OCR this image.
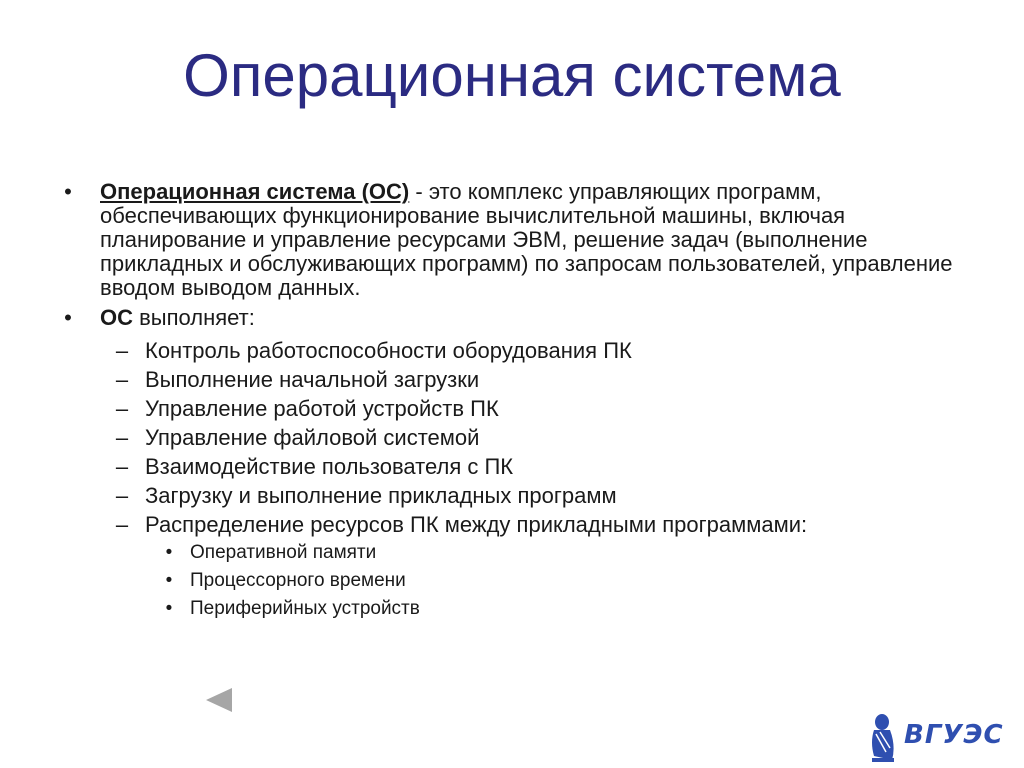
Операционная система
• Операционная система (ОС) - это комплекс управляющих программ, обеспечивающих функционирование вычислительной машины, включая планирование и управление ресурсами ЭВМ, решение задач (выполнение прикладных и обслуживающих программ) по запросам пользователей, управление вводом выводом данных.
• ОС выполняет:
– Контроль работоспособности оборудования ПК
– Выполнение начальной загрузки
– Управление работой устройств ПК
– Управление файловой системой
– Взаимодействие пользователя с ПК
– Загрузку и выполнение прикладных программ
– Распределение ресурсов ПК между прикладными программами:
• Оперативной памяти
• Процессорного времени
• Периферийных устройств
ВГУЭС
